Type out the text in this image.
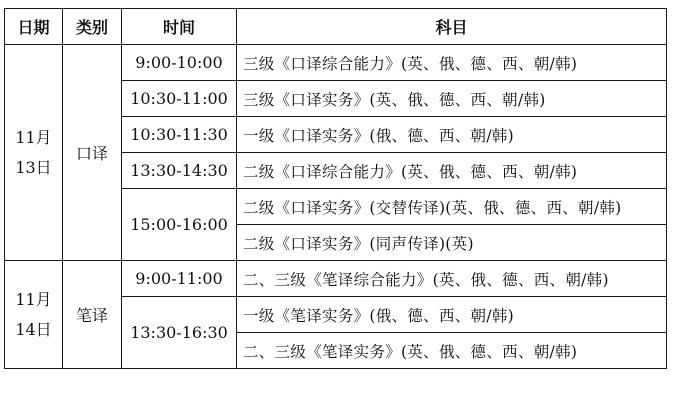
日期	类别	时间	科目

11月
13日	口译	9:00-10:00	三级《口译综合能力》(英、俄、德、西、朝/韩)
		10:30-11:00	三级《口译实务》(英、俄、德、西、朝/韩)
		10:30-11:30	一级《口译实务》(俄、德、西、朝/韩)
		13:30-14:30	二级《口译综合能力》(英、俄、德、西、朝/韩)
		15:00-16:00	二级《口译实务》(交替传译)(英、俄、德、西、朝/韩)
			二级《口译实务》(同声传译)(英)

11月
14日	笔译	9:00-11:00	二、三级《笔译综合能力》(英、俄、德、西、朝/韩)
		13:30-16:30	一级《笔译实务》(俄、德、西、朝/韩)
			二、三级《笔译实务》(英、俄、德、西、朝/韩)
